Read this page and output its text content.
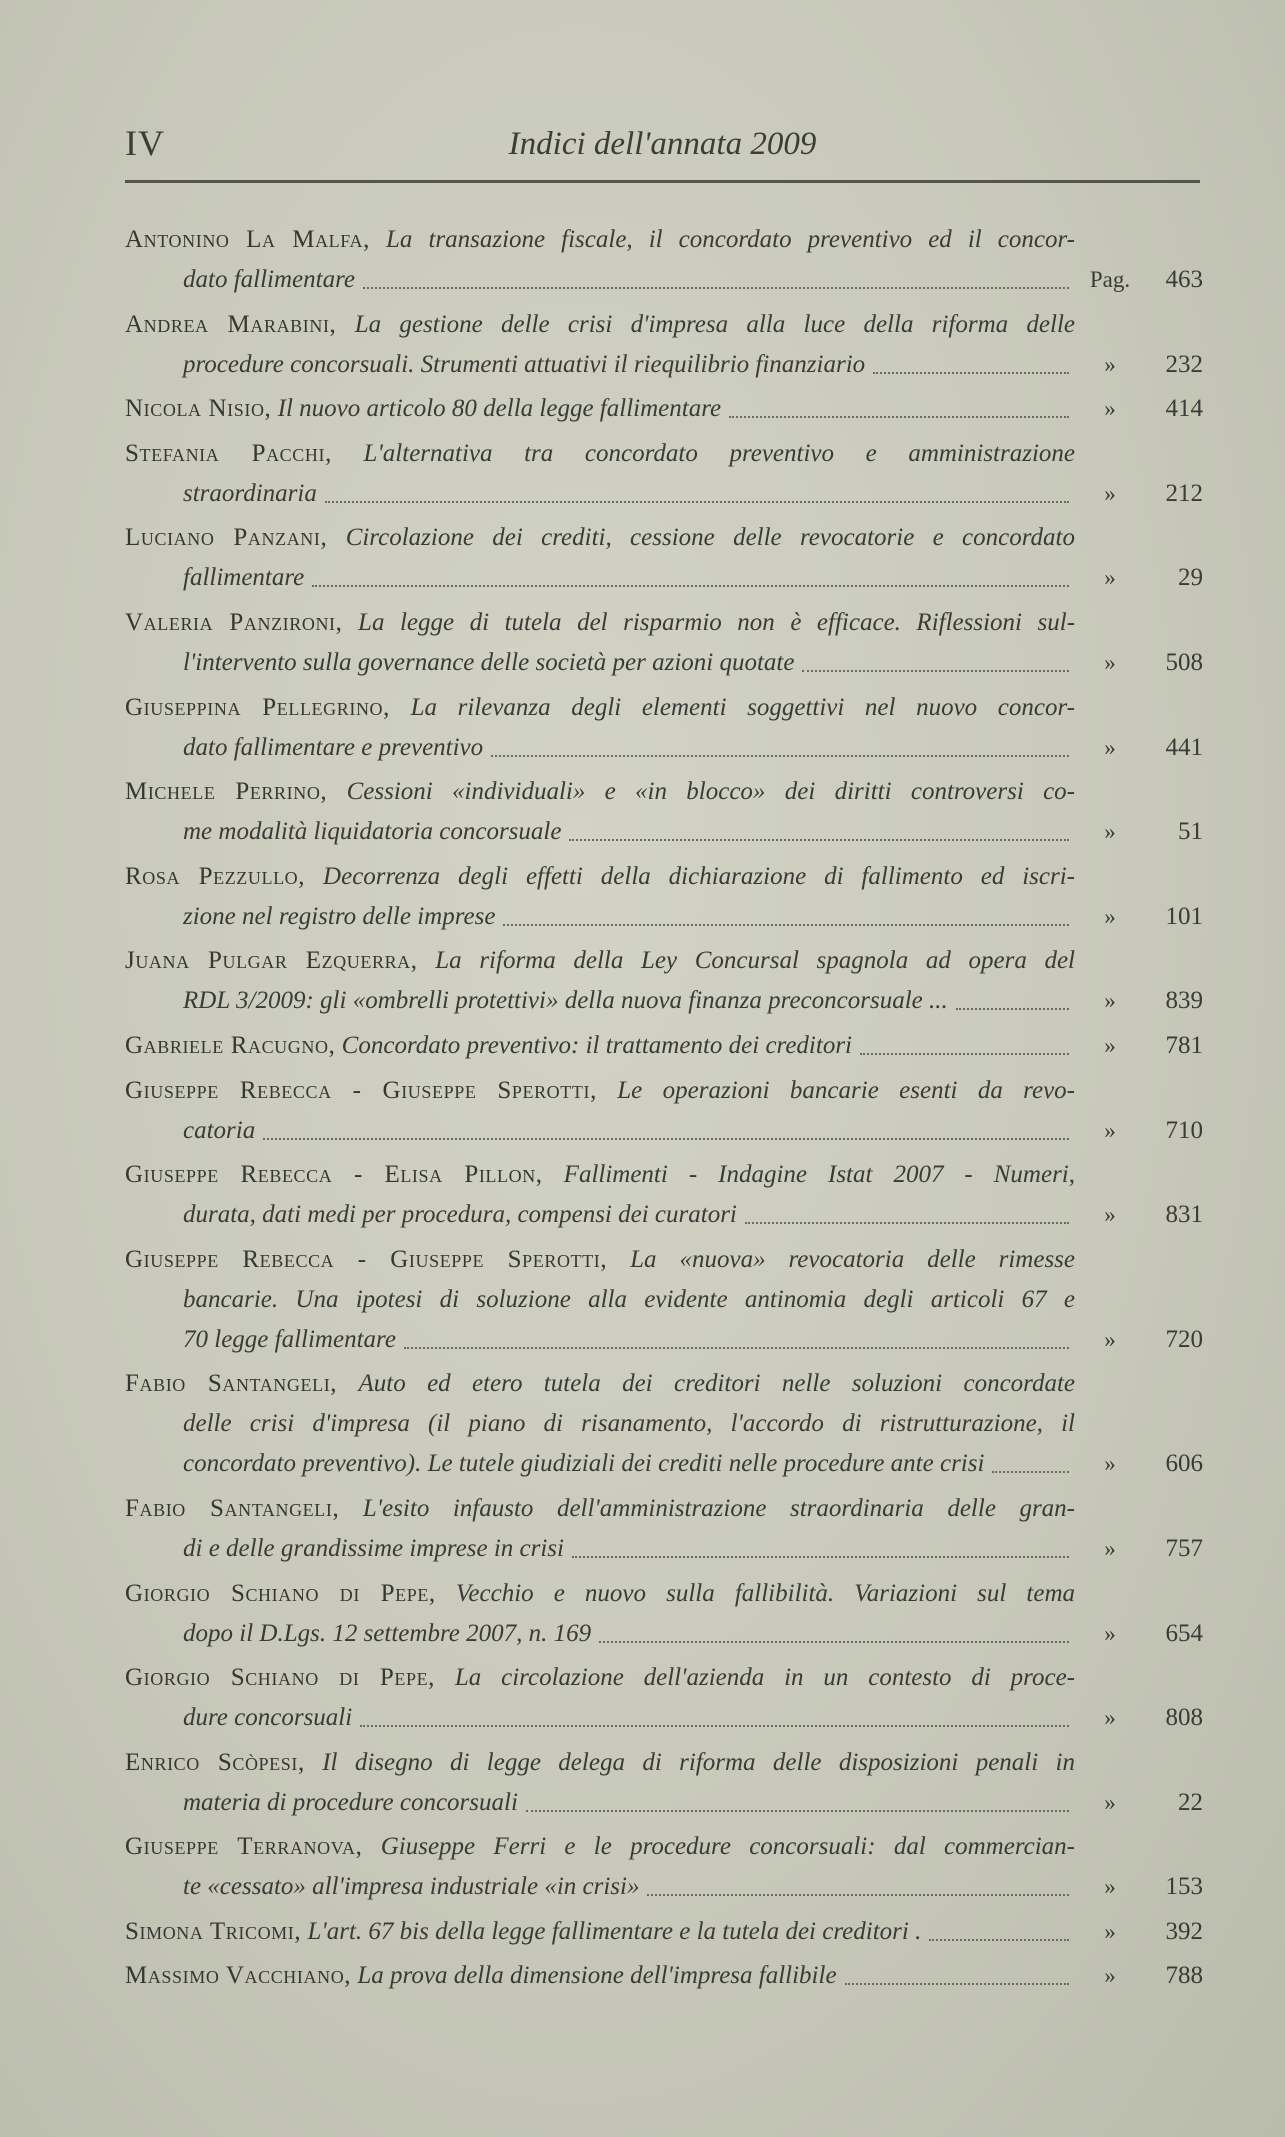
IV	Indici dell'annata 2009
Antonino La Malfa, La transazione fiscale, il concordato preventivo ed il concor-
dato fallimentare	Pag.	463
Andrea Marabini, La gestione delle crisi d'impresa alla luce della riforma delle
procedure concorsuali. Strumenti attuativi il riequilibrio finanziario	»	232
Nicola Nisio, Il nuovo articolo 80 della legge fallimentare	»	414
Stefania Pacchi, L'alternativa tra concordato preventivo e amministrazione
straordinaria	»	212
Luciano Panzani, Circolazione dei crediti, cessione delle revocatorie e concordato
fallimentare	»	29
Valeria Panzironi, La legge di tutela del risparmio non è efficace. Riflessioni sul-
l'intervento sulla governance delle società per azioni quotate	»	508
Giuseppina Pellegrino, La rilevanza degli elementi soggettivi nel nuovo concor-
dato fallimentare e preventivo	»	441
Michele Perrino, Cessioni «individuali» e «in blocco» dei diritti controversi co-
me modalità liquidatoria concorsuale	»	51
Rosa Pezzullo, Decorrenza degli effetti della dichiarazione di fallimento ed iscri-
zione nel registro delle imprese	»	101
Juana Pulgar Ezquerra, La riforma della Ley Concursal spagnola ad opera del
RDL 3/2009: gli «ombrelli protettivi» della nuova finanza preconcorsuale ...	»	839
Gabriele Racugno, Concordato preventivo: il trattamento dei creditori	»	781
Giuseppe Rebecca - Giuseppe Sperotti, Le operazioni bancarie esenti da revo-
catoria	»	710
Giuseppe Rebecca - Elisa Pillon, Fallimenti - Indagine Istat 2007 - Numeri,
durata, dati medi per procedura, compensi dei curatori	»	831
Giuseppe Rebecca - Giuseppe Sperotti, La «nuova» revocatoria delle rimesse
bancarie. Una ipotesi di soluzione alla evidente antinomia degli articoli 67 e
70 legge fallimentare	»	720
Fabio Santangeli, Auto ed etero tutela dei creditori nelle soluzioni concordate
delle crisi d'impresa (il piano di risanamento, l'accordo di ristrutturazione, il
concordato preventivo). Le tutele giudiziali dei crediti nelle procedure ante crisi	»	606
Fabio Santangeli, L'esito infausto dell'amministrazione straordinaria delle gran-
di e delle grandissime imprese in crisi	»	757
Giorgio Schiano di Pepe, Vecchio e nuovo sulla fallibilità. Variazioni sul tema
dopo il D.Lgs. 12 settembre 2007, n. 169	»	654
Giorgio Schiano di Pepe, La circolazione dell'azienda in un contesto di proce-
dure concorsuali	»	808
Enrico Scòpesi, Il disegno di legge delega di riforma delle disposizioni penali in
materia di procedure concorsuali	»	22
Giuseppe Terranova, Giuseppe Ferri e le procedure concorsuali: dal commercian-
te «cessato» all'impresa industriale «in crisi»	»	153
Simona Tricomi, L'art. 67 bis della legge fallimentare e la tutela dei creditori .	»	392
Massimo Vacchiano, La prova della dimensione dell'impresa fallibile	»	788
